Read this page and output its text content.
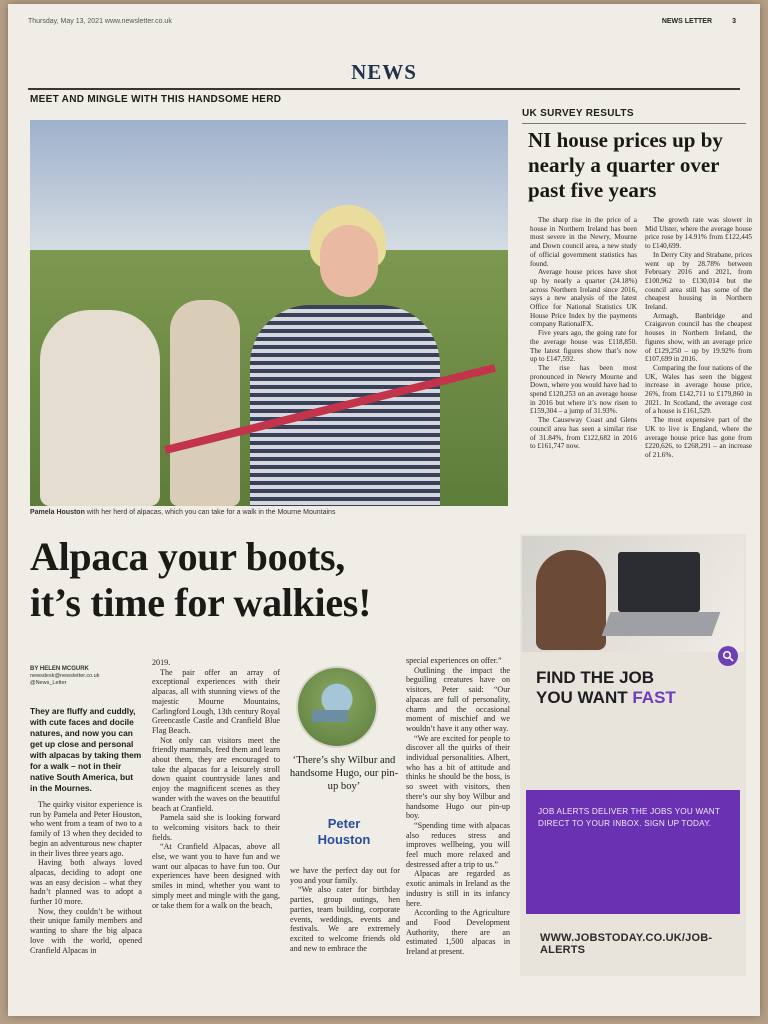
Thursday, May 13, 2021 www.newsletter.co.uk	NEWS LETTER	3
NEWS
MEET AND MINGLE WITH THIS HANDSOME HERD
UK SURVEY RESULTS
Pamela Houston with her herd of alpacas, which you can take for a walk in the Mourne Mountains
NI house prices up by nearly a quarter over past five years

The sharp rise in the price of a house in Northern Ireland has been most severe in the Newry, Mourne and Down council area, a new study of official government statistics has found.

Average house prices have shot up by nearly a quarter (24.18%) across Northern Ireland since 2016, says a new analysis of the latest Office for National Statistics UK House Price Index by the payments company RationalFX.

Five years ago, the going rate for the average house was £118,850. The latest figures show that’s now up to £147,592.

The rise has been most pronounced in Newry Mourne and Down, where you would have had to spend £120,253 on an average house in 2016 but where it’s now risen to £159,304 – a jump of 31.93%.

The Causeway Coast and Glens council area has seen a similar rise of 31.84%, from £122,682 in 2016 to £161,747 now.

The growth rate was slower in Mid Ulster, where the average house price rose by 14.91% from £122,445 to £140,699.

In Derry City and Strabane, prices went up by 28.78% between February 2016 and 2021, from £100,962 to £130,014 but the council area still has some of the cheapest housing in Northern Ireland.

Armagh, Banbridge and Craigavon council has the cheapest houses in Northern Ireland, the figures show, with an average price of £129,250 – up by 19.92% from £107,699 in 2016.

Comparing the four nations of the UK, Wales has seen the biggest increase in average house price, 26%, from £142,711 to £179,860 in 2021. In Scotland, the average cost of a house is £161,529.

The most expensive part of the UK to live is England, where the average house price has gone from £220,626, to £268,291 – an increase of 21.6%.

Alpaca your boots,
it’s time for walkies!
BY HELEN MCGURK
newsdesk@newsletter.co.uk
@News_Letter
They are fluffy and cuddly, with cute faces and docile natures, and now you can get up close and personal with alpacas by taking them for a walk – not in their native South America, but in the Mournes.

The quirky visitor experience is run by Pamela and Peter Houston, who went from a team of two to a family of 13 when they decided to begin an adventurous new chapter in their lives three years ago.

Having both always loved alpacas, deciding to adopt one was an easy decision – what they hadn’t planned was to adopt a further 10 more.

Now, they couldn’t be without their unique family members and wanting to share the big alpaca love with the world, opened Cranfield Alpacas in

2019.

The pair offer an array of exceptional experiences with their alpacas, all with stunning views of the majestic Mourne Mountains, Carlingford Lough, 13th century Royal Greencastle Castle and Cranfield Blue Flag Beach.

Not only can visitors meet the friendly mammals, feed them and learn about them, they are encouraged to take the alpacas for a leisurely stroll down quaint countryside lanes and enjoy the magnificent scenes as they wander with the waves on the beautiful beach at Cranfield.

Pamela said she is looking forward to welcoming visitors back to their fields.

“At Cranfield Alpacas, above all else, we want you to have fun and we want our alpacas to have fun too. Our experiences have been designed with smiles in mind, whether you want to simply meet and mingle with the gang, or take them for a walk on the beach,

‘There’s shy Wilbur and handsome Hugo, our pin-up boy’
Peter
Houston

we have the perfect day out for you and your family.

“We also cater for birthday parties, group outings, hen parties, team building, corporate events, weddings, events and festivals. We are extremely excited to welcome friends old and new to embrace the

special experiences on offer.”

Outlining the impact the beguiling creatures have on visitors, Peter said: “Our alpacas are full of personality, charm and the occasional moment of mischief and we wouldn’t have it any other way.

“We are excited for people to discover all the quirks of their individual personalities. Albert, who has a bit of attitude and thinks he should be the boss, is so sweet with visitors, then there’s our shy boy Wilbur and handsome Hugo our pin-up boy.

“Spending time with alpacas also reduces stress and improves wellbeing, you will feel much more relaxed and destressed after a trip to us.”

Alpacas are regarded as exotic animals in Ireland as the industry is still in its infancy here.

According to the Agriculture and Food Development Authority, there are an estimated 1,500 alpacas in Ireland at present.

FIND THE JOB
YOU WANT FAST
JOB ALERTS DELIVER THE JOBS YOU WANT DIRECT TO YOUR INBOX. SIGN UP TODAY.
WWW.JOBSTODAY.CO.UK/JOB-ALERTS
